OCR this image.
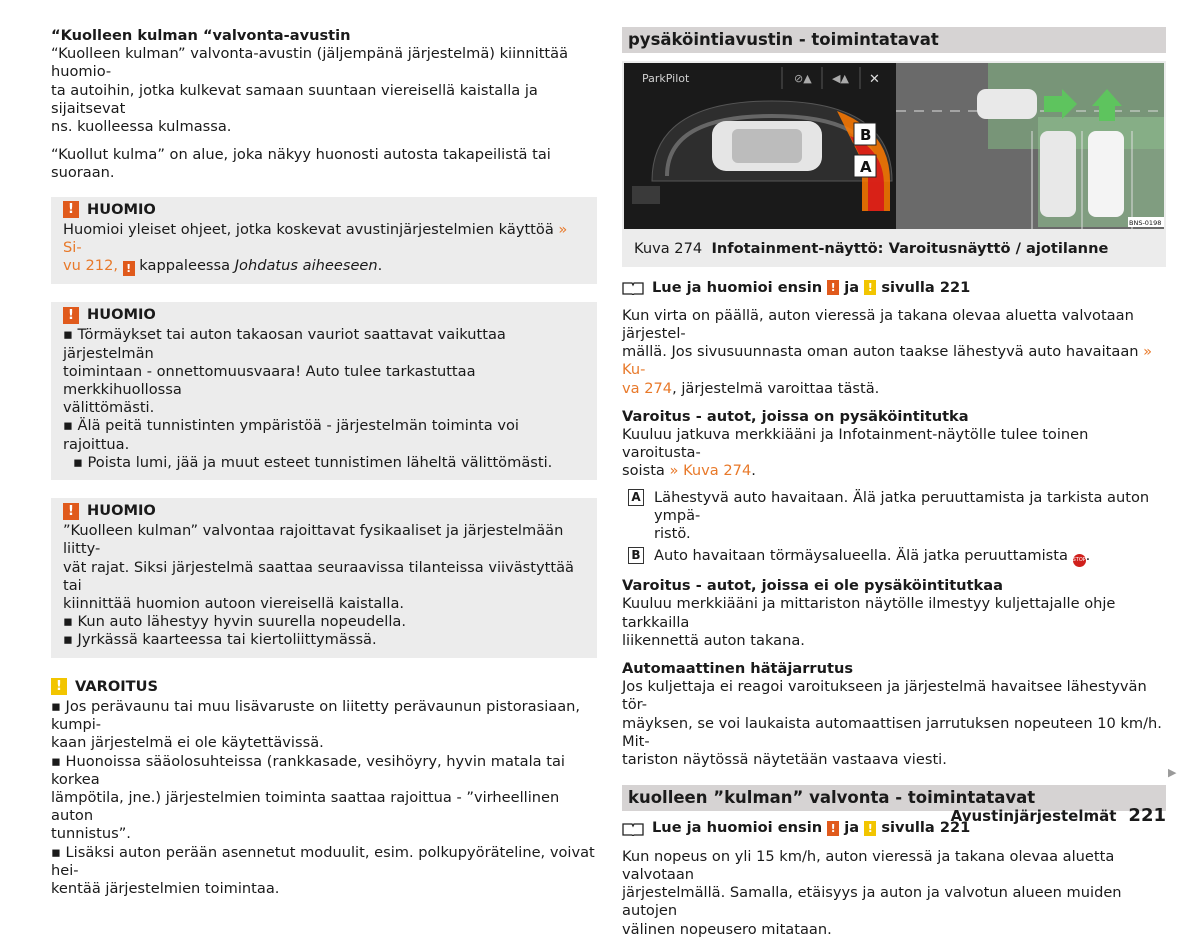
“Kuolleen kulman “valvonta-avustin

“Kuolleen kulman” valvonta-avustin (jäljempänä järjestelmä) kiinnittää huomio-

ta autoihin, jotka kulkevat samaan suuntaan viereisellä kaistalla ja sijaitsevat

ns. kuolleessa kulmassa.

“Kuollut kulma” on alue, joka näkyy huonosti autosta takapeilistä tai suoraan.

! HUOMIO

Huomioi yleiset ohjeet, jotka koskevat avustinjärjestelmien käyttöä » Si-

vu 212, ! kappaleessa Johdatus aiheeseen.

! HUOMIO

▪ Törmäykset tai auton takaosan vauriot saattavat vaikuttaa järjestelmän

toimintaan - onnettomuusvaara! Auto tulee tarkastuttaa merkkihuollossa

välittömästi.

▪ Älä peitä tunnistinten ympäristöä - järjestelmän toiminta voi rajoittua.

▪ Poista lumi, jää ja muut esteet tunnistimen läheltä välittömästi.

! HUOMIO

”Kuolleen kulman” valvontaa rajoittavat fysikaaliset ja järjestelmään liitty-

vät rajat. Siksi järjestelmä saattaa seuraavissa tilanteissa viivästyttää tai

kiinnittää huomion autoon viereisellä kaistalla.

▪ Kun auto lähestyy hyvin suurella nopeudella.

▪ Jyrkässä kaarteessa tai kiertoliittymässä.

! VAROITUS

▪ Jos perävaunu tai muu lisävaruste on liitetty perävaunun pistorasiaan, kumpi-

kaan järjestelmä ei ole käytettävissä.

▪ Huonoissa sääolosuhteissa (rankkasade, vesihöyry, hyvin matala tai korkea

lämpötila, jne.) järjestelmien toiminta saattaa rajoittua - ”virheellinen auton

tunnistus”.

▪ Lisäksi auton perään asennetut moduulit, esim. polkupyöräteline, voivat hei-

kentää järjestelmien toimintaa.

pysäköintiavustin - toimintatavat
ParkPilot	⊘▲ ◀▲ ✕
B
A
BNS-0198
Kuva 274 Infotainment-näyttö: Varoitusnäyttö / ajotilanne
Lue ja huomioi ensin
!
ja
!
sivulla 221

Kun virta on päällä, auton vieressä ja takana olevaa aluetta valvotaan järjestel-

mällä. Jos sivusuunnasta oman auton taakse lähestyvä auto havaitaan » Ku-

va 274, järjestelmä varoittaa tästä.

Varoitus - autot, joissa on pysäköintitutka

Kuuluu jatkuva merkkiääni ja Infotainment-näytölle tulee toinen varoitusta-

soista » Kuva 274.

A Lähestyvä auto havaitaan. Älä jatka peruuttamista ja tarkista auton ympä-

ristö.

B Auto havaitaan törmäysalueella. Älä jatka peruuttamista STOP.

Varoitus - autot, joissa ei ole pysäköintitutkaa

Kuuluu merkkiääni ja mittariston näytölle ilmestyy kuljettajalle ohje tarkkailla

liikennettä auton takana.

Automaattinen hätäjarrutus

Jos kuljettaja ei reagoi varoitukseen ja järjestelmä havaitsee lähestyvän tör-

mäyksen, se voi laukaista automaattisen jarrutuksen nopeuteen 10 km/h. Mit-

tariston näytössä näytetään vastaava viesti.

kuolleen ”kulman” valvonta - toimintatavat
Lue ja huomioi ensin
!
ja
!
sivulla 221

Kun nopeus on yli 15 km/h, auton vieressä ja takana olevaa aluetta valvotaan

järjestelmällä. Samalla, etäisyys ja auton ja valvotun alueen muiden autojen

välinen nopeusero mitataan.

▶
Avustinjärjestelmät 221
